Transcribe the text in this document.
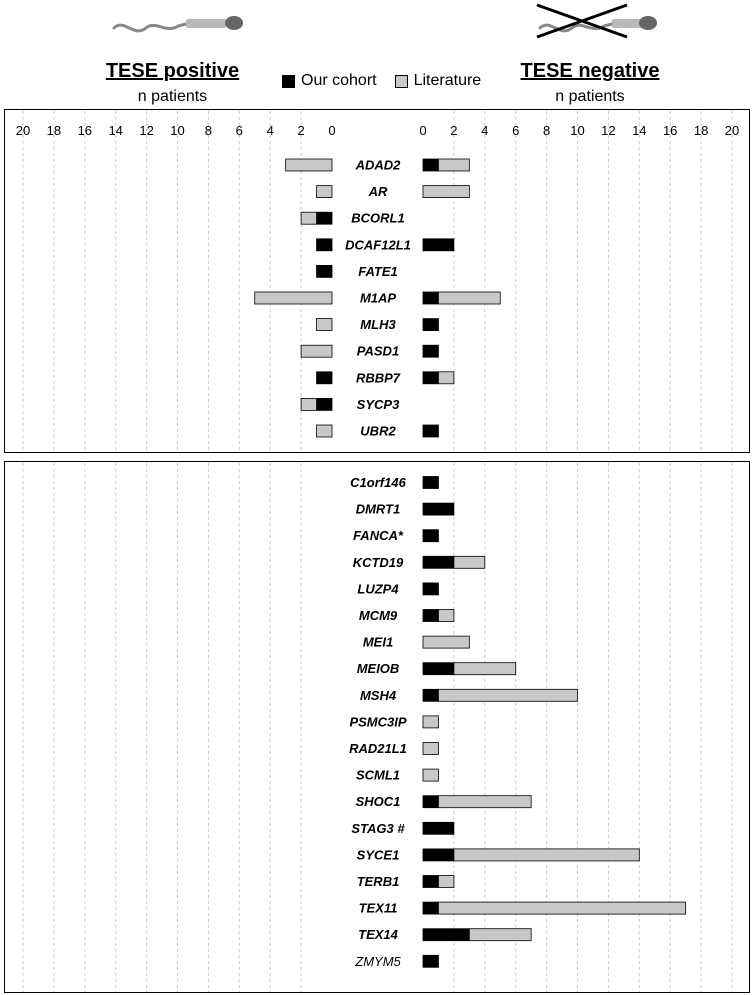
20 18 16 14 12 10 8 6 4 2 0	0 2 4 6 8 10 12 14 16 18 20
ADAD2
AR
BCORL1
DCAF12L1
FATE1
M1AP
MLH3
PASD1
RBBP7
SYCP3
UBR2
C1orf146
DMRT1
FANCA*
KCTD19
LUZP4
MCM9
MEI1
MEIOB
MSH4
PSMC3IP
RAD21L1
SCML1
SHOC1
STAG3 #
SYCE1
TERB1
TEX11
TEX14
ZMYM5
TESE positive
n patients
TESE negative
n patients
Our cohort Literature
